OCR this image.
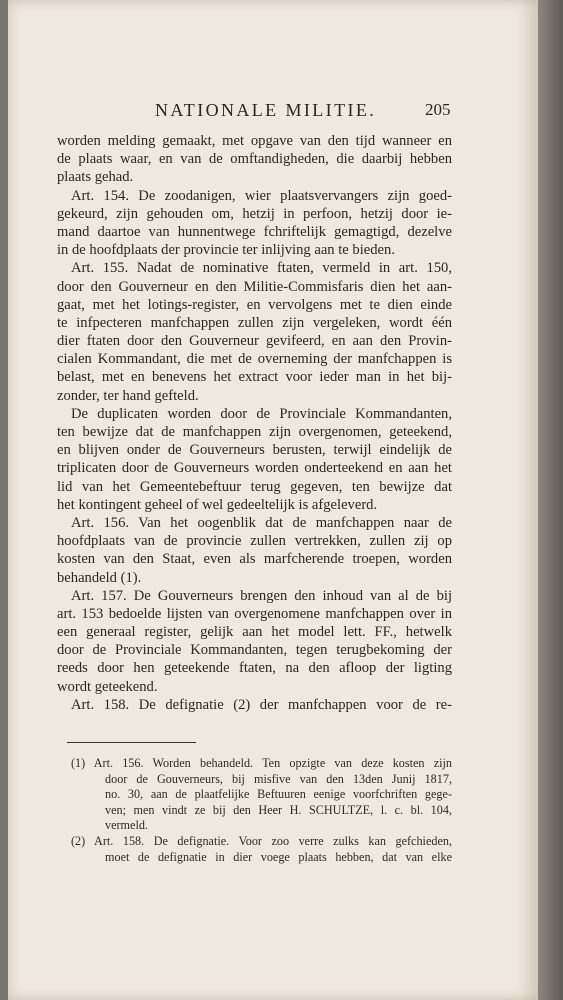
NATIONALE MILITIE.	205
worden melding gemaakt, met opgave van den tijd wanneer en
de plaats waar, en van de omftandigheden, die daarbij hebben
plaats gehad.
Art. 154. De zoodanigen, wier plaatsvervangers zijn goed-
gekeurd, zijn gehouden om, hetzij in perfoon, hetzij door ie-
mand daartoe van hunnentwege fchriftelijk gemagtigd, dezelve
in de hoofdplaats der provincie ter inlijving aan te bieden.
Art. 155. Nadat de nominative ftaten, vermeld in art. 150,
door den Gouverneur en den Militie-Commisfaris dien het aan-
gaat, met het lotings-register, en vervolgens met te dien einde
te infpecteren manfchappen zullen zijn vergeleken, wordt één
dier ftaten door den Gouverneur gevifeerd, en aan den Provin-
cialen Kommandant, die met de overneming der manfchappen is
belast, met en benevens het extract voor ieder man in het bij-
zonder, ter hand gefteld.
De duplicaten worden door de Provinciale Kommandanten,
ten bewijze dat de manfchappen zijn overgenomen, geteekend,
en blijven onder de Gouverneurs berusten, terwijl eindelijk de
triplicaten door de Gouverneurs worden onderteekend en aan het
lid van het Gemeentebeftuur terug gegeven, ten bewijze dat
het kontingent geheel of wel gedeeltelijk is afgeleverd.
Art. 156. Van het oogenblik dat de manfchappen naar de
hoofdplaats van de provincie zullen vertrekken, zullen zij op
kosten van den Staat, even als marfcherende troepen, worden
behandeld (1).
Art. 157. De Gouverneurs brengen den inhoud van al de bij
art. 153 bedoelde lijsten van overgenomene manfchappen over in
een generaal register, gelijk aan het model lett. FF., hetwelk
door de Provinciale Kommandanten, tegen terugbekoming der
reeds door hen geteekende ftaten, na den afloop der ligting
wordt geteekend.
Art. 158. De defignatie (2) der manfchappen voor de re-
(1) Art. 156. Worden behandeld. Ten opzigte van deze kosten zijn
door de Gouverneurs, bij misfive van den 13den Junij 1817,
no. 30, aan de plaatfelijke Beftuuren eenige voorfchriften gege-
ven; men vindt ze bij den Heer H. SCHULTZE, l. c. bl. 104,
vermeld.
(2) Art. 158. De defignatie. Voor zoo verre zulks kan gefchieden,
moet de defignatie in dier voege plaats hebben, dat van elke
